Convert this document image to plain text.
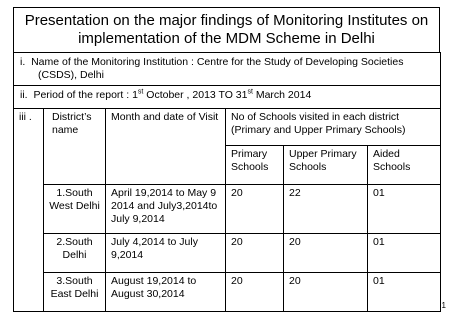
Presentation on the major findings of Monitoring Institutes on
implementation of the MDM Scheme in Delhi
i. Name of the Monitoring Institution : Centre for the Study of Developing Societies
(CSDS), Delhi					
ii. Period of the report : 1st October , 2013 TO 31st March 2014					
iii .	District’s name	Month and date of Visit	No of Schools visited in each district (Primary and Upper Primary Schools)		
			Primary Schools	Upper Primary Schools	Aided Schools
	1.South West Delhi	April 19,2014 to May 9 2014 and July3,2014to July 9,2014	20	22	01
	2.South Delhi	July 4,2014 to July 9,2014	20	20	01
	3.South East Delhi	August 19,2014 to August 30,2014	20	20	01
1
